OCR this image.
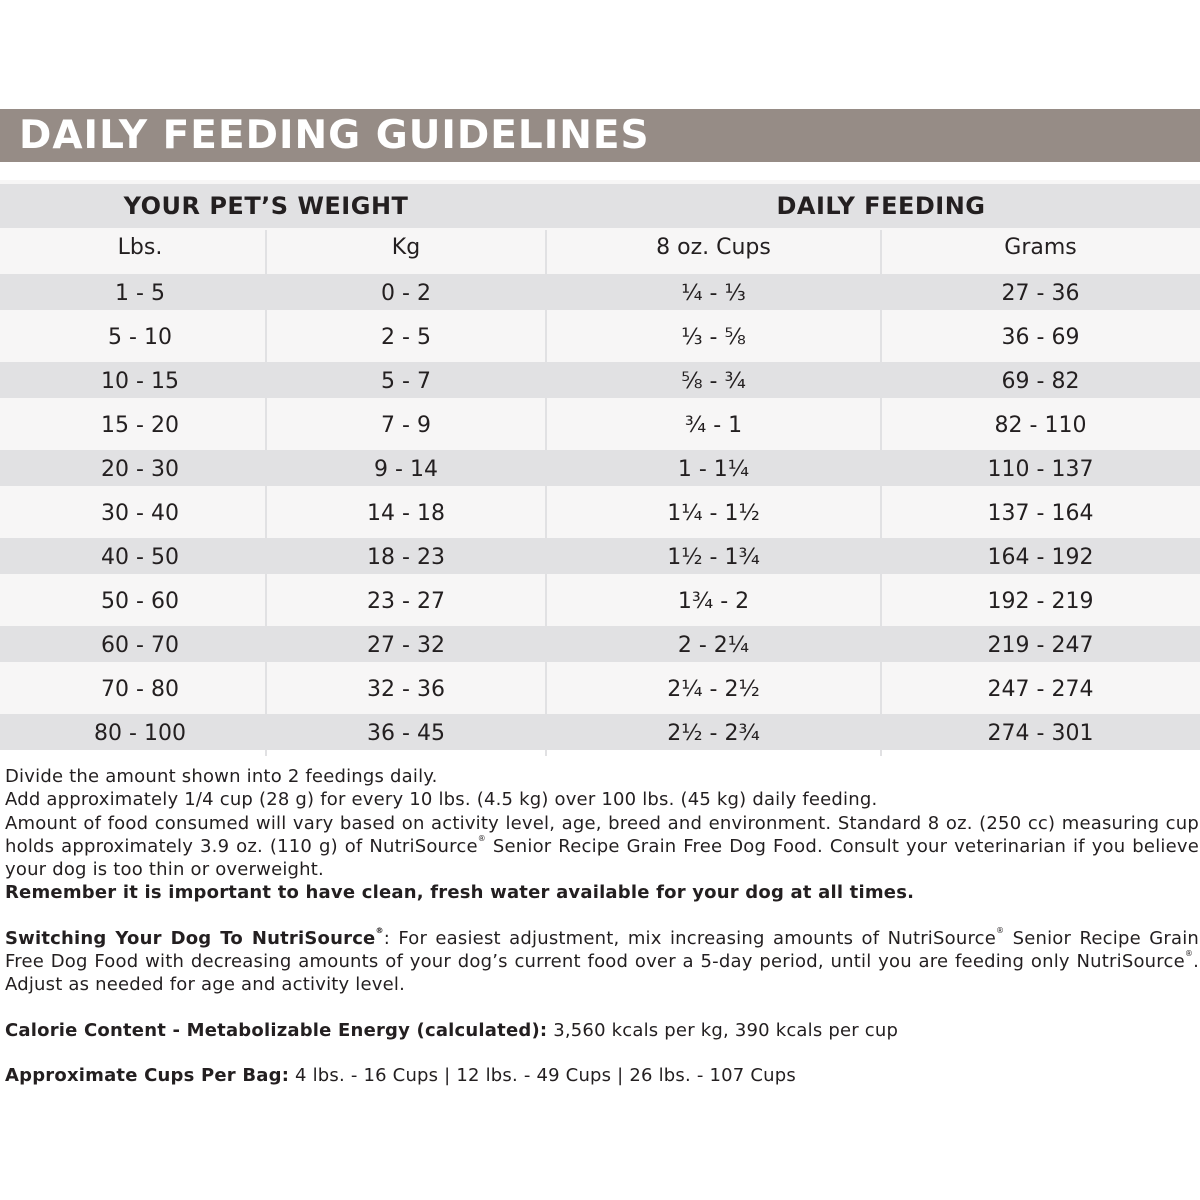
DAILY FEEDING GUIDELINES
YOUR PET’S WEIGHT	DAILY FEEDING
Lbs.	Kg	8 oz. Cups	Grams
1 - 5	0 - 2	¼ - ⅓	27 - 36
5 - 10	2 - 5	⅓ - ⅝	36 - 69
10 - 15	5 - 7	⅝ - ¾	69 - 82
15 - 20	7 - 9	¾ - 1	82 - 110
20 - 30	9 - 14	1 - 1¼	110 - 137
30 - 40	14 - 18	1¼ - 1½	137 - 164
40 - 50	18 - 23	1½ - 1¾	164 - 192
50 - 60	23 - 27	1¾ - 2	192 - 219
60 - 70	27 - 32	2 - 2¼	219 - 247
70 - 80	32 - 36	2¼ - 2½	247 - 274
80 - 100	36 - 45	2½ - 2¾	274 - 301

Divide the amount shown into 2 feedings daily.

Add approximately 1/4 cup (28 g) for every 10 lbs. (4.5 kg) over 100 lbs. (45 kg) daily feeding.

Amount of food consumed will vary based on activity level, age, breed and environment. Standard 8 oz. (250 cc) measuring cup holds approximately 3.9 oz. (110 g) of NutriSource® Senior Recipe Grain Free Dog Food. Consult your veterinarian if you believe your dog is too thin or overweight.

Remember it is important to have clean, fresh water available for your dog at all times.

Switching Your Dog To NutriSource®: For easiest adjustment, mix increasing amounts of NutriSource® Senior Recipe Grain Free Dog Food with decreasing amounts of your dog’s current food over a 5-day period, until you are feeding only NutriSource®. Adjust as needed for age and activity level.

Calorie Content - Metabolizable Energy (calculated): 3,560 kcals per kg, 390 kcals per cup

Approximate Cups Per Bag: 4 lbs. - 16 Cups | 12 lbs. - 49 Cups | 26 lbs. - 107 Cups
